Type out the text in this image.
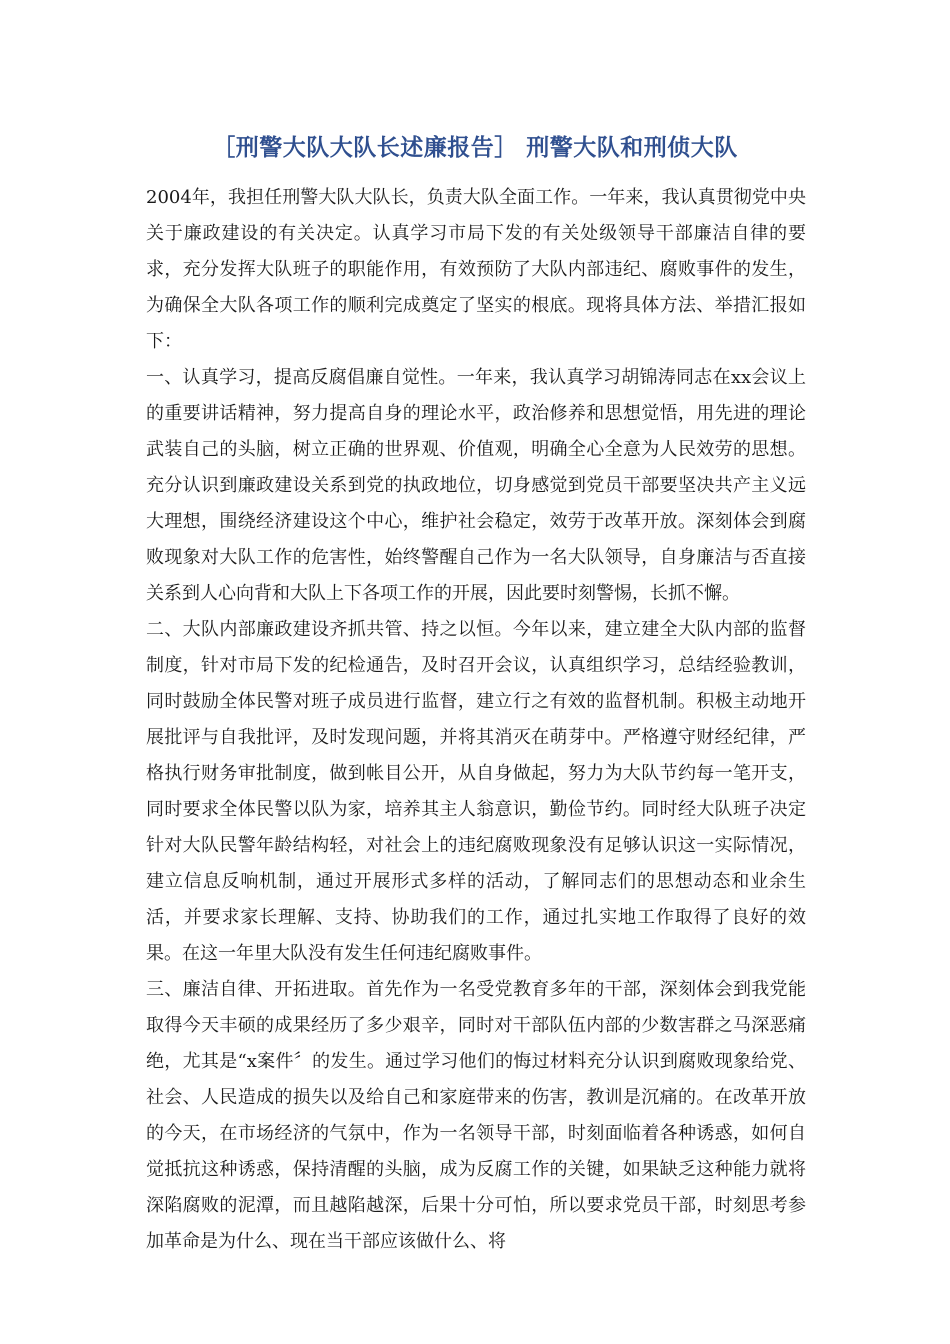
［刑警大队大队长述廉报告］ 刑警大队和刑侦大队

2004年，我担任刑警大队大队长，负责大队全面工作。一年来，我认真贯彻党中央关于廉政建设的有关决定。认真学习市局下发的有关处级领导干部廉洁自律的要求，充分发挥大队班子的职能作用，有效预防了大队内部违纪、腐败事件的发生，为确保全大队各项工作的顺利完成奠定了坚实的根底。现将具体方法、举措汇报如下：

一、认真学习，提高反腐倡廉自觉性。一年来，我认真学习胡锦涛同志在xx会议上的重要讲话精神，努力提高自身的理论水平，政治修养和思想觉悟，用先进的理论武装自己的头脑，树立正确的世界观、价值观，明确全心全意为人民效劳的思想。充分认识到廉政建设关系到党的执政地位，切身感觉到党员干部要坚决共产主义远大理想，围绕经济建设这个中心，维护社会稳定，效劳于改革开放。深刻体会到腐败现象对大队工作的危害性，始终警醒自己作为一名大队领导，自身廉洁与否直接关系到人心向背和大队上下各项工作的开展，因此要时刻警惕，长抓不懈。

二、大队内部廉政建设齐抓共管、持之以恒。今年以来，建立建全大队内部的监督制度，针对市局下发的纪检通告，及时召开会议，认真组织学习，总结经验教训，同时鼓励全体民警对班子成员进行监督，建立行之有效的监督机制。积极主动地开展批评与自我批评，及时发现问题，并将其消灭在萌芽中。严格遵守财经纪律，严格执行财务审批制度，做到帐目公开，从自身做起，努力为大队节约每一笔开支，同时要求全体民警以队为家，培养其主人翁意识，勤俭节约。同时经大队班子决定针对大队民警年龄结构轻，对社会上的违纪腐败现象没有足够认识这一实际情况，建立信息反响机制，通过开展形式多样的活动，了解同志们的思想动态和业余生活，并要求家长理解、支持、协助我们的工作，通过扎实地工作取得了良好的效果。在这一年里大队没有发生任何违纪腐败事件。

三、廉洁自律、开拓进取。首先作为一名受党教育多年的干部，深刻体会到我党能取得今天丰硕的成果经历了多少艰辛，同时对干部队伍内部的少数害群之马深恶痛绝，尤其是“x案件〞的发生。通过学习他们的悔过材料充分认识到腐败现象给党、社会、人民造成的损失以及给自己和家庭带来的伤害，教训是沉痛的。在改革开放的今天，在市场经济的气氛中，作为一名领导干部，时刻面临着各种诱惑，如何自觉抵抗这种诱惑，保持清醒的头脑，成为反腐工作的关键，如果缺乏这种能力就将深陷腐败的泥潭，而且越陷越深，后果十分可怕，所以要求党员干部，时刻思考参加革命是为什么、现在当干部应该做什么、将
